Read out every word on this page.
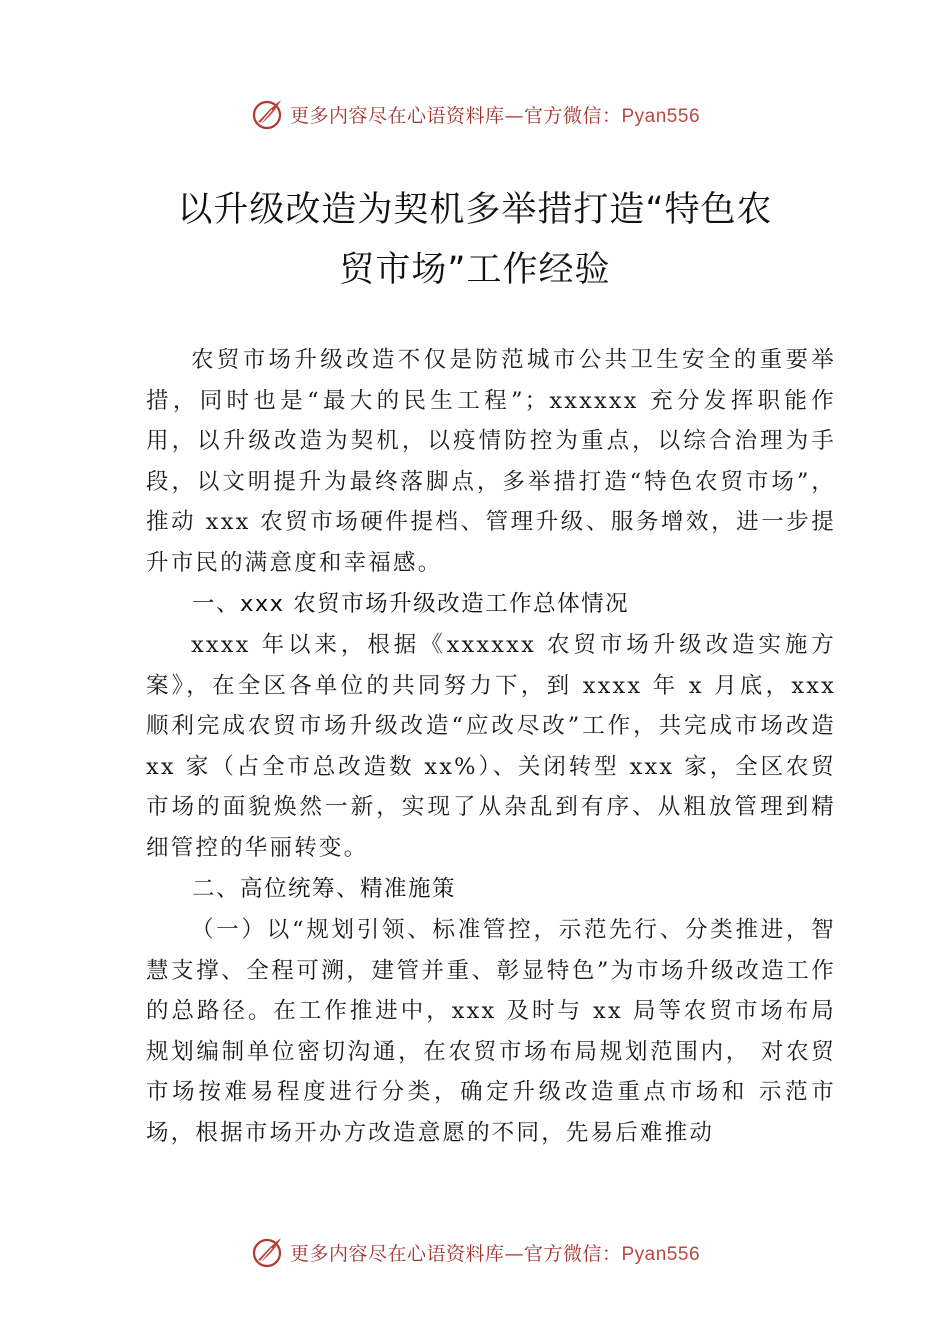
更多内容尽在心语资料库—官方微信：Pyan556
以升级改造为契机多举措打造“特色农
贸市场”工作经验

农贸市场升级改造不仅是防范城市公共卫生安全的重要举措，同时也是“最大的民生工程”；xxxxxx 充分发挥职能作用，以升级改造为契机，以疫情防控为重点，以综合治理为手段，以文明提升为最终落脚点，多举措打造“特色农贸市场”，推动 xxx 农贸市场硬件提档、管理升级、服务增效，进一步提升市民的满意度和幸福感。

一、xxx 农贸市场升级改造工作总体情况

xxxx 年以来，根据《xxxxxx 农贸市场升级改造实施方案》，在全区各单位的共同努力下，到 xxxx 年 x 月底，xxx 顺利完成农贸市场升级改造“应改尽改”工作，共完成市场改造 xx 家（占全市总改造数 xx%）、关闭转型 xxx 家，全区农贸市场的面貌焕然一新，实现了从杂乱到有序、从粗放管理到精细管控的华丽转变。

二、高位统筹、精准施策

（一）以“规划引领、标准管控，示范先行、分类推进，智慧支撑、全程可溯，建管并重、彰显特色”为市场升级改造工作的总路径。在工作推进中，xxx 及时与 xx 局等农贸市场布局规划编制单位密切沟通，在农贸市场布局规划范围内， 对农贸市场按难易程度进行分类，确定升级改造重点市场和 示范市场，根据市场开办方改造意愿的不同，先易后难推动

更多内容尽在心语资料库—官方微信：Pyan556
